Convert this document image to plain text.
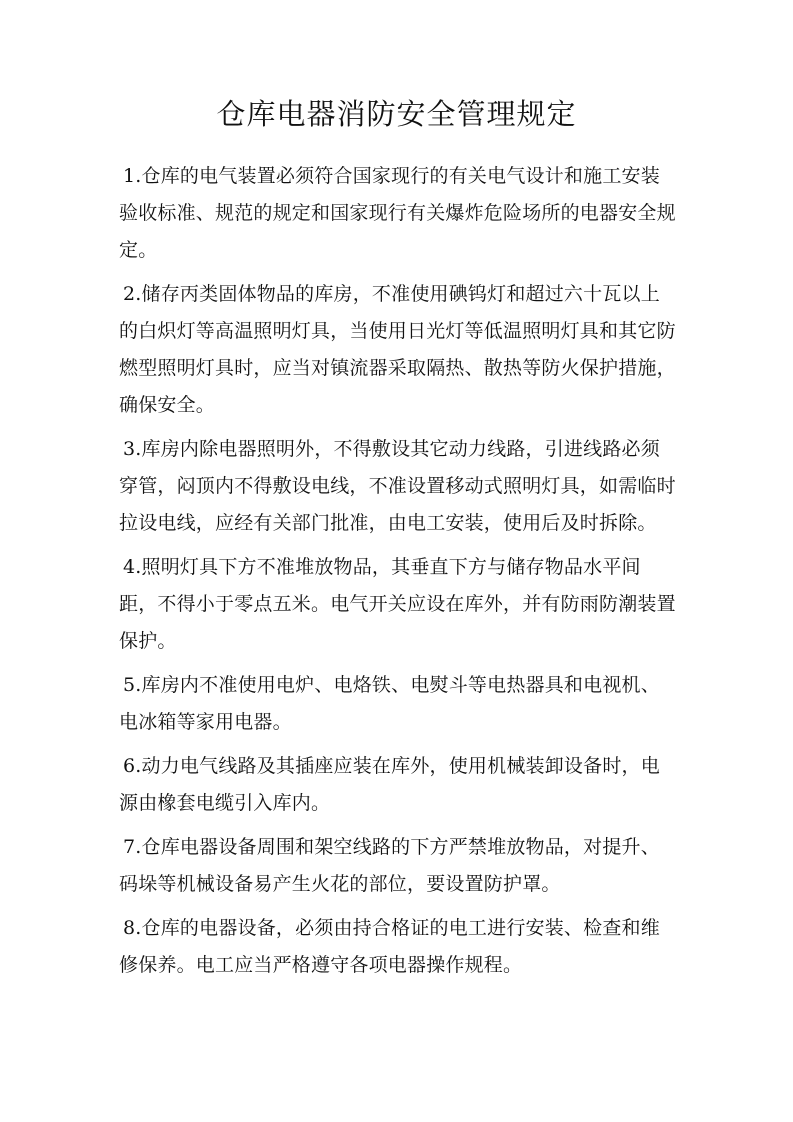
仓库电器消防安全管理规定

1.仓库的电气装置必须符合国家现行的有关电气设计和施工安装验收标准、规范的规定和国家现行有关爆炸危险场所的电器安全规定。

2.储存丙类固体物品的库房，不准使用碘钨灯和超过六十瓦以上的白炽灯等高温照明灯具，当使用日光灯等低温照明灯具和其它防燃型照明灯具时，应当对镇流器采取隔热、散热等防火保护措施，确保安全。

3.库房内除电器照明外，不得敷设其它动力线路，引进线路必须穿管，闷顶内不得敷设电线，不准设置移动式照明灯具，如需临时拉设电线，应经有关部门批准，由电工安装，使用后及时拆除。

4.照明灯具下方不准堆放物品，其垂直下方与储存物品水平间距，不得小于零点五米。电气开关应设在库外，并有防雨防潮装置保护。

5.库房内不准使用电炉、电烙铁、电熨斗等电热器具和电视机、电冰箱等家用电器。

6.动力电气线路及其插座应装在库外，使用机械装卸设备时，电源由橡套电缆引入库内。

7.仓库电器设备周围和架空线路的下方严禁堆放物品，对提升、码垛等机械设备易产生火花的部位，要设置防护罩。

8.仓库的电器设备，必须由持合格证的电工进行安装、检查和维修保养。电工应当严格遵守各项电器操作规程。
